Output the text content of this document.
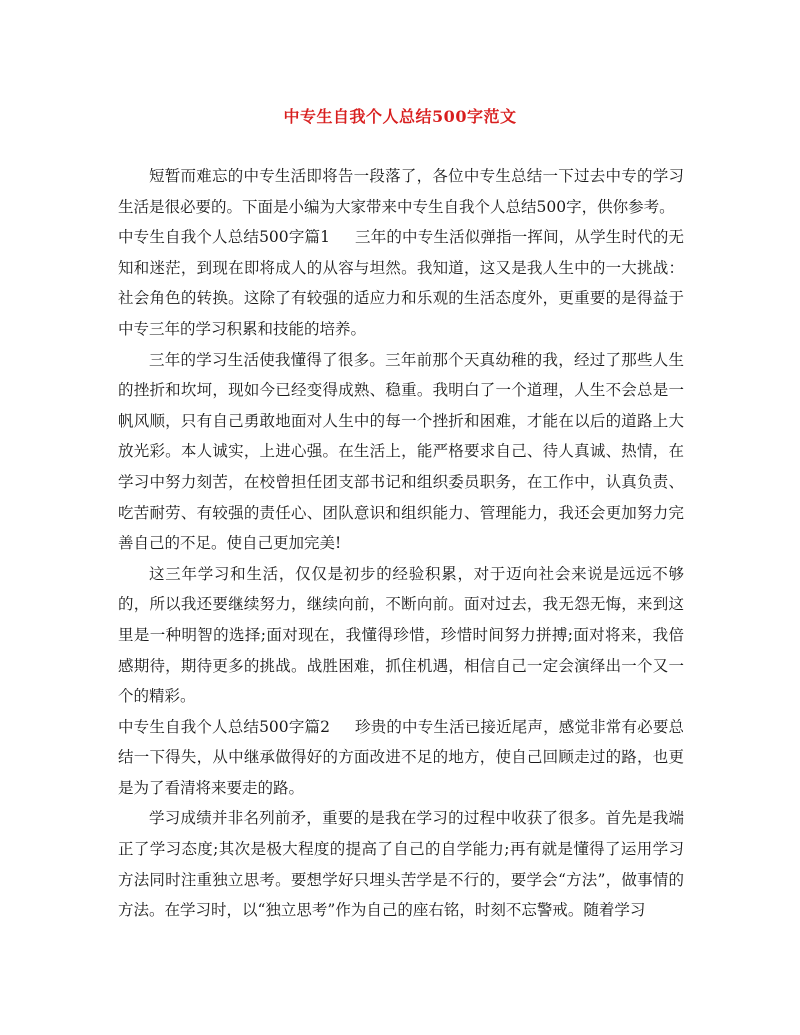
中专生自我个人总结500字范文

短暂而难忘的中专生活即将告一段落了，各位中专生总结一下过去中专的学习生活是很必要的。下面是小编为大家带来中专生自我个人总结500字，供你参考。

中专生自我个人总结500字篇1 三年的中专生活似弹指一挥间，从学生时代的无知和迷茫，到现在即将成人的从容与坦然。我知道，这又是我人生中的一大挑战：社会角色的转换。这除了有较强的适应力和乐观的生活态度外，更重要的是得益于中专三年的学习积累和技能的培养。

三年的学习生活使我懂得了很多。三年前那个天真幼稚的我，经过了那些人生的挫折和坎坷，现如今已经变得成熟、稳重。我明白了一个道理，人生不会总是一帆风顺，只有自己勇敢地面对人生中的每一个挫折和困难，才能在以后的道路上大放光彩。本人诚实，上进心强。在生活上，能严格要求自己、待人真诚、热情，在学习中努力刻苦，在校曾担任团支部书记和组织委员职务，在工作中，认真负责、吃苦耐劳、有较强的责任心、团队意识和组织能力、管理能力，我还会更加努力完善自己的不足。使自己更加完美!

这三年学习和生活，仅仅是初步的经验积累，对于迈向社会来说是远远不够的，所以我还要继续努力，继续向前，不断向前。面对过去，我无怨无悔，来到这里是一种明智的选择;面对现在，我懂得珍惜，珍惜时间努力拼搏;面对将来，我倍感期待，期待更多的挑战。战胜困难，抓住机遇，相信自己一定会演绎出一个又一个的精彩。

中专生自我个人总结500字篇2 珍贵的中专生活已接近尾声，感觉非常有必要总结一下得失，从中继承做得好的方面改进不足的地方，使自己回顾走过的路，也更是为了看清将来要走的路。

学习成绩并非名列前矛，重要的是我在学习的过程中收获了很多。首先是我端正了学习态度;其次是极大程度的提高了自己的自学能力;再有就是懂得了运用学习方法同时注重独立思考。要想学好只埋头苦学是不行的，要学会“方法”，做事情的方法。在学习时，以“独立思考”作为自己的座右铭，时刻不忘警戒。随着学习
